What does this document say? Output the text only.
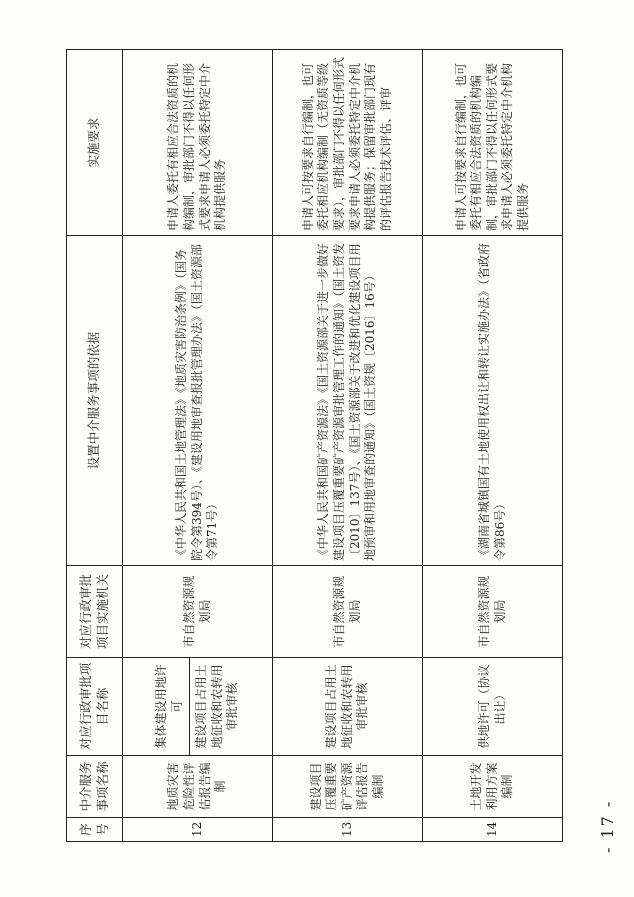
- 17 -
序号	中介服务事项名称	对应行政审批项目名称	对应行政审批项目实施机关	设置中介服务事项的依据	实施要求
12	地质灾害危险性评估报告编制	集体建设用地许可 建设项目占用土地征收和农转用审批审核	市自然资源规划局	《中华人民共和国土地管理法》《地质灾害防治条例》（国务院令第394号）、《建设用地审查报批管理办法》（国土资源部令第71号）	申请人委托有相应合法资质的机构编制，审批部门不得以任何形式要求申请人必须委托特定中介机构提供服务
13	建设项目压覆重要矿产资源评估报告编制	建设项目占用土地征收和农转用审批审核	市自然资源规划局	《中华人民共和国矿产资源法》《国土资源部关于进一步做好建设项目压覆重要矿产资源审批管理工作的通知》（国土资发〔2010〕137号）、《国土资源部关于改进和优化建设项目用地预审和用地审查的通知》（国土资规〔2016〕16号）	申请人可按要求自行编制，也可委托相应机构编制（无资质等级要求），审批部门不得以任何形式要求申请人必须委托特定中介机构提供服务；保留审批部门现有的评估报告技术评估、评审
14	土地开发利用方案编制	供地许可（协议出让）	市自然资源规划局	《湖南省城镇国有土地使用权出让和转让实施办法》（省政府令第86号）	申请人可按要求自行编制，也可委托有相应合法资质的机构编制，审批部门不得以任何形式要求申请人必须委托特定中介机构提供服务
